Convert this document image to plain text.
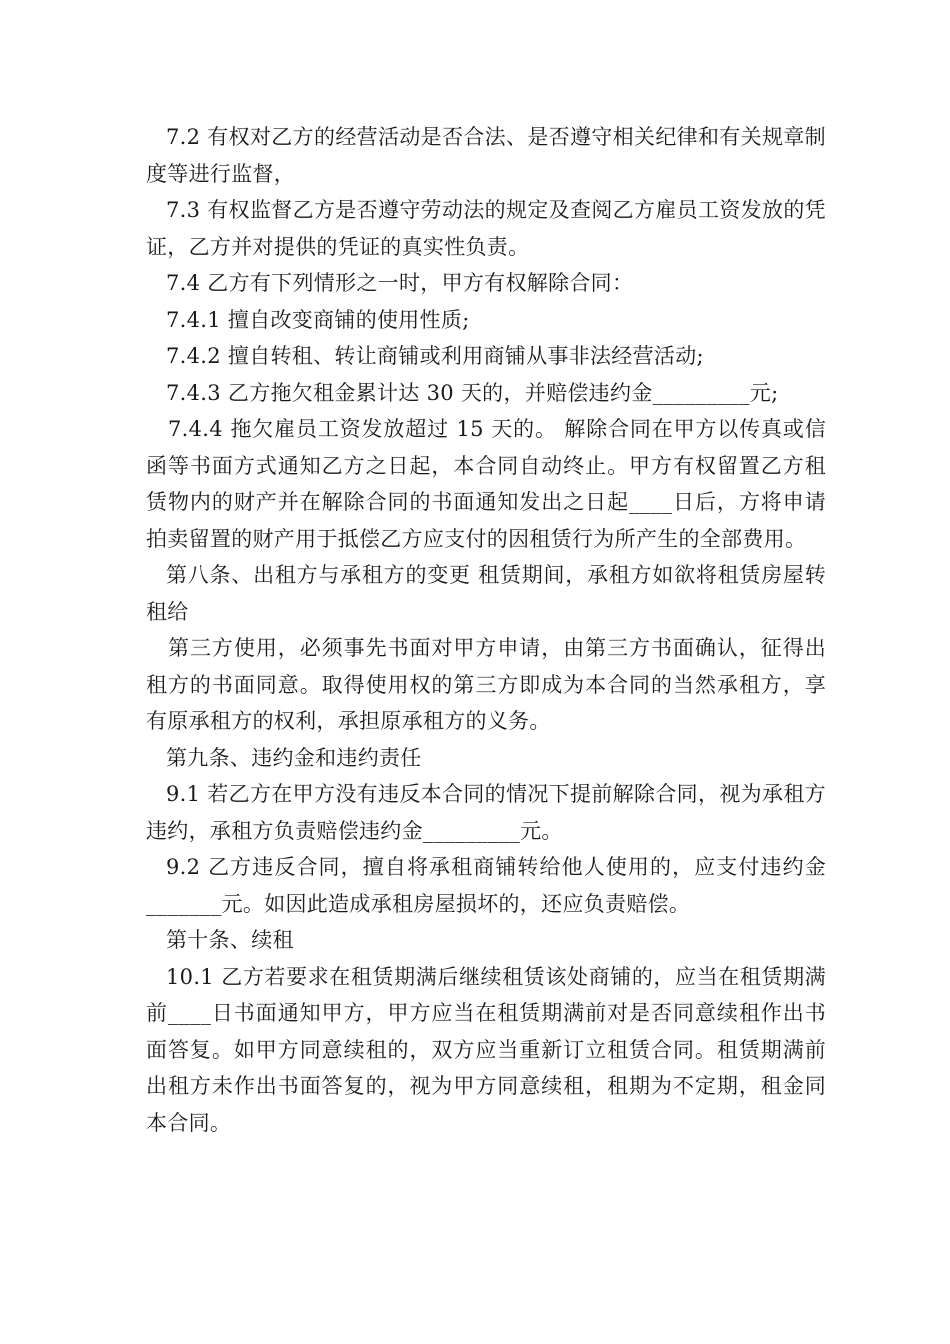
7.2 有权对乙方的经营活动是否合法、是否遵守相关纪律和有关规章制度等进行监督，

7.3 有权监督乙方是否遵守劳动法的规定及查阅乙方雇员工资发放的凭证，乙方并对提供的凭证的真实性负责。

7.4 乙方有下列情形之一时，甲方有权解除合同：

7.4.1 擅自改变商铺的使用性质;

7.4.2 擅自转租、转让商铺或利用商铺从事非法经营活动;

7.4.3 乙方拖欠租金累计达 30 天的，并赔偿违约金_________元;

7.4.4 拖欠雇员工资发放超过 15 天的。 解除合同在甲方以传真或信函等书面方式通知乙方之日起，本合同自动终止。甲方有权留置乙方租赁物内的财产并在解除合同的书面通知发出之日起____日后，方将申请拍卖留置的财产用于抵偿乙方应支付的因租赁行为所产生的全部费用。

第八条、出租方与承租方的变更 租赁期间，承租方如欲将租赁房屋转租给

第三方使用，必须事先书面对甲方申请，由第三方书面确认，征得出租方的书面同意。取得使用权的第三方即成为本合同的当然承租方，享有原承租方的权利，承担原承租方的义务。

第九条、违约金和违约责任

9.1 若乙方在甲方没有违反本合同的情况下提前解除合同，视为承租方违约，承租方负责赔偿违约金_________元。

9.2 乙方违反合同，擅自将承租商铺转给他人使用的，应支付违约金_______元。如因此造成承租房屋损坏的，还应负责赔偿。

第十条、续租

10.1 乙方若要求在租赁期满后继续租赁该处商铺的，应当在租赁期满前____日书面通知甲方，甲方应当在租赁期满前对是否同意续租作出书面答复。如甲方同意续租的，双方应当重新订立租赁合同。租赁期满前出租方未作出书面答复的，视为甲方同意续租，租期为不定期，租金同本合同。
